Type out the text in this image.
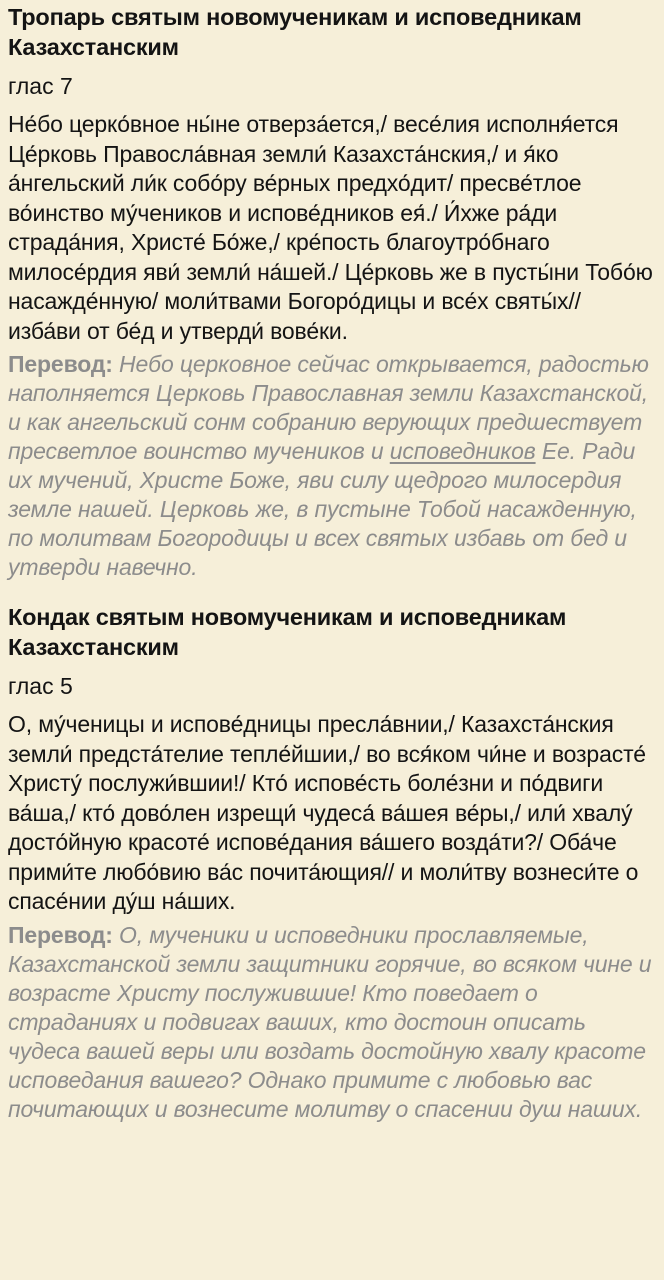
Тропарь святым новомученикам и исповедникам Казахстанским
глас 7

Не́бо церко́вное ны́не отверза́ется,/ весе́лия исполня́ется Це́рковь Правосла́вная земли́ Казахста́нския,/ и я́ко а́нгельский ли́к собо́ру ве́рных предхо́дит/ пресве́тлое во́инство му́чеников и испове́дников ея́./ И́хже ра́ди страда́ния, Христе́ Бо́же,/ кре́пость благоутро́бнаго милосе́рдия яви́ земли́ на́шей./ Це́рковь же в пусты́ни Тобо́ю насажде́нную/ моли́твами Богоро́дицы и все́х святы́х// изба́ви от бе́д и утверди́ вове́ки.

Перевод: Небо церковное сейчас открывается, радостью наполняется Церковь Православная земли Казахстанской, и как ангельский сонм собранию верующих предшествует пресветлое воинство мучеников и исповедников Ее. Ради их мучений, Христе Боже, яви силу щедрого милосердия земле нашей. Церковь же, в пустыне Тобой насажденную, по молитвам Богородицы и всех святых избавь от бед и утверди навечно.

Кондак святым новомученикам и исповедникам Казахстанским
глас 5

О, му́ченицы и испове́дницы пресла́внии,/ Казахста́нския земли́ предста́телие тепле́йшии,/ во вся́ком чи́не и возрасте́ Христу́ послужи́вшии!/ Кто́ испове́сть боле́зни и по́двиги ва́ша,/ кто́ дово́лен изрещи́ чудеса́ ва́шея ве́ры,/ или́ хвалу́ досто́йную красоте́ испове́дания ва́шего возда́ти?/ Оба́че прими́те любо́вию ва́с почита́ющия// и моли́тву вознеси́те о спасе́нии ду́ш на́ших.

Перевод: О, мученики и исповедники прославляемые, Казахстанской земли защитники горячие, во всяком чине и возрасте Христу послужившие! Кто поведает о страданиях и подвигах ваших, кто достоин описать чудеса вашей веры или воздать достойную хвалу красоте исповедания вашего? Однако примите с любовью вас почитающих и вознесите молитву о спасении душ наших.
